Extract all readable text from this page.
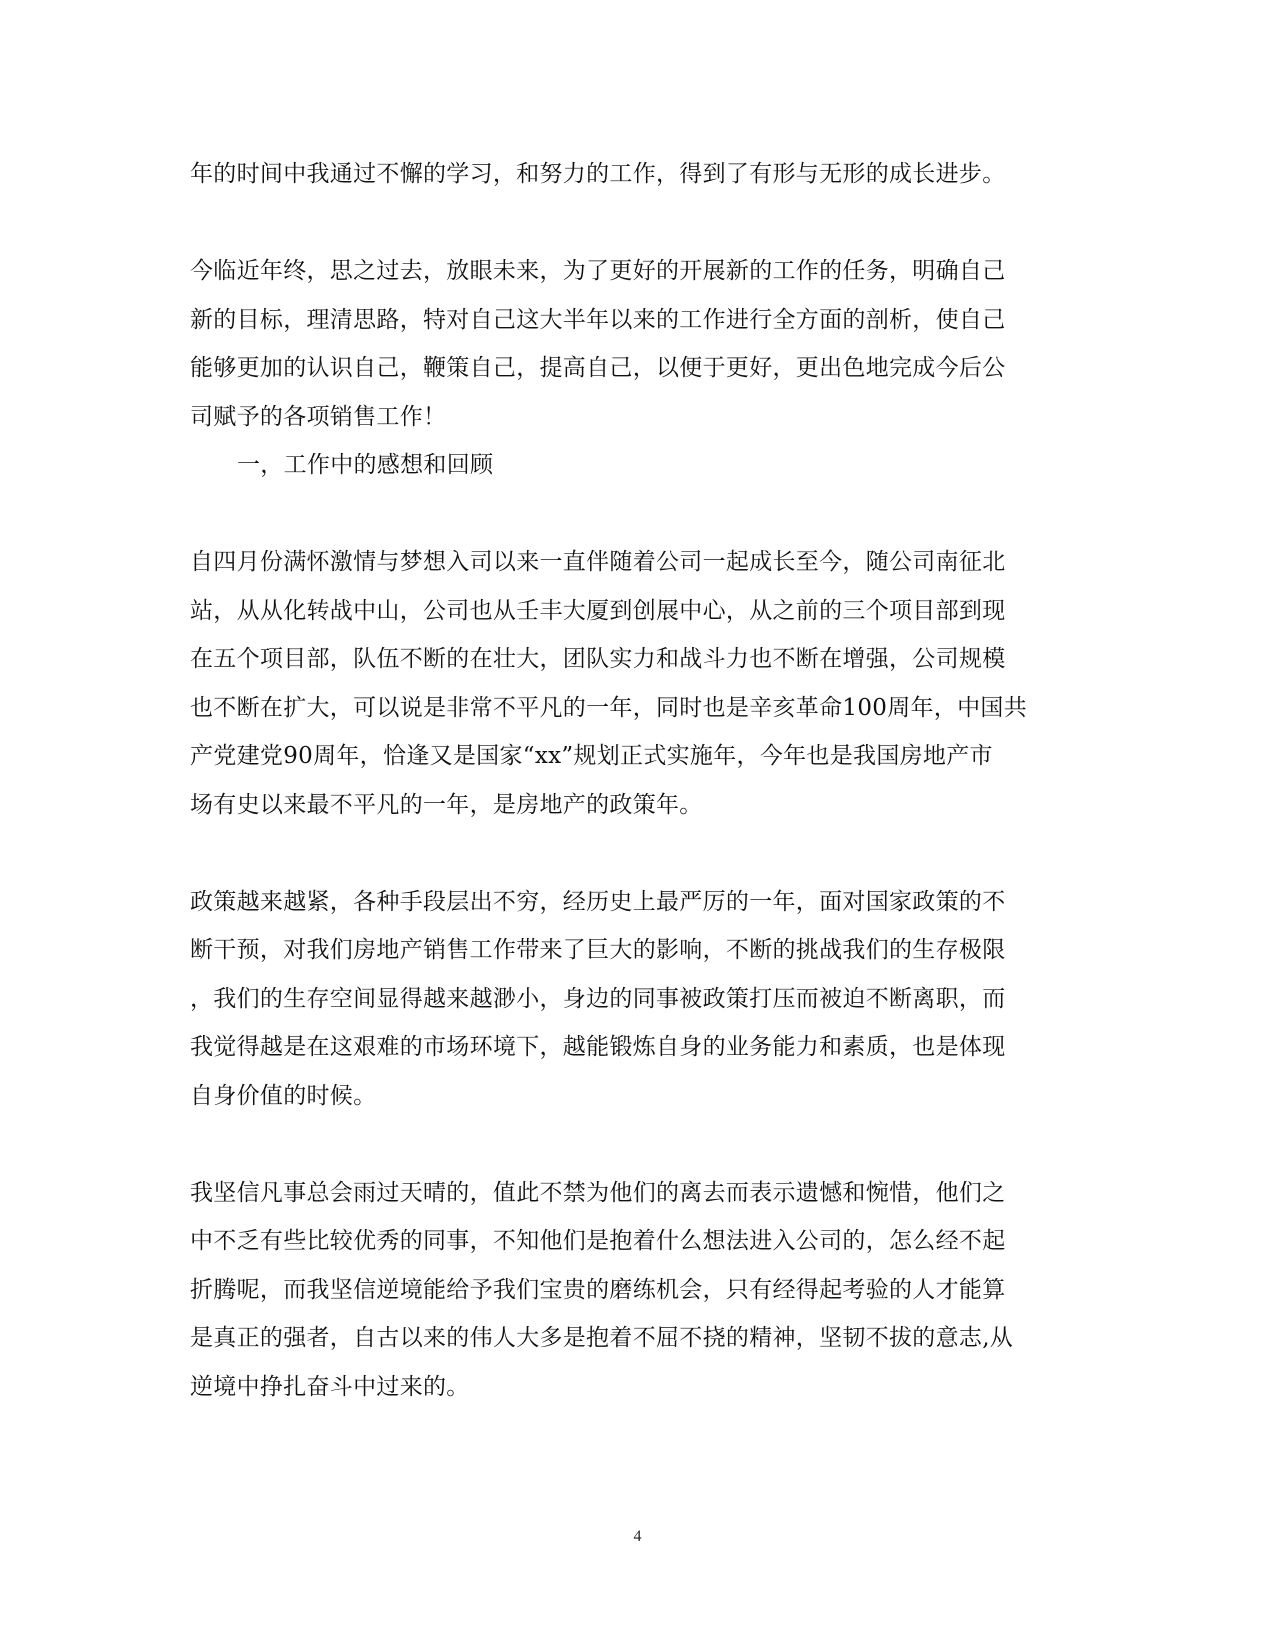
年的时间中我通过不懈的学习，和努力的工作，得到了有形与无形的成长进步。
今临近年终，思之过去，放眼未来，为了更好的开展新的工作的任务，明确自己
新的目标，理清思路，特对自己这大半年以来的工作进行全方面的剖析，使自己
能够更加的认识自己，鞭策自己，提高自己，以便于更好，更出色地完成今后公
司赋予的各项销售工作！
一，工作中的感想和回顾
自四月份满怀激情与梦想入司以来一直伴随着公司一起成长至今，随公司南征北
站，从从化转战中山，公司也从壬丰大厦到创展中心，从之前的三个项目部到现
在五个项目部，队伍不断的在壮大，团队实力和战斗力也不断在增强，公司规模
也不断在扩大，可以说是非常不平凡的一年，同时也是辛亥革命100周年，中国共
产党建党90周年，恰逢又是国家“xx”规划正式实施年，今年也是我国房地产市
场有史以来最不平凡的一年，是房地产的政策年。
政策越来越紧，各种手段层出不穷，经历史上最严厉的一年，面对国家政策的不
断干预，对我们房地产销售工作带来了巨大的影响，不断的挑战我们的生存极限
，我们的生存空间显得越来越渺小，身边的同事被政策打压而被迫不断离职，而
我觉得越是在这艰难的市场环境下，越能锻炼自身的业务能力和素质，也是体现
自身价值的时候。
我坚信凡事总会雨过天晴的，值此不禁为他们的离去而表示遗憾和惋惜，他们之
中不乏有些比较优秀的同事，不知他们是抱着什么想法进入公司的，怎么经不起
折腾呢，而我坚信逆境能给予我们宝贵的磨练机会，只有经得起考验的人才能算
是真正的强者，自古以来的伟人大多是抱着不屈不挠的精神，坚韧不拔的意志,从
逆境中挣扎奋斗中过来的。
4
